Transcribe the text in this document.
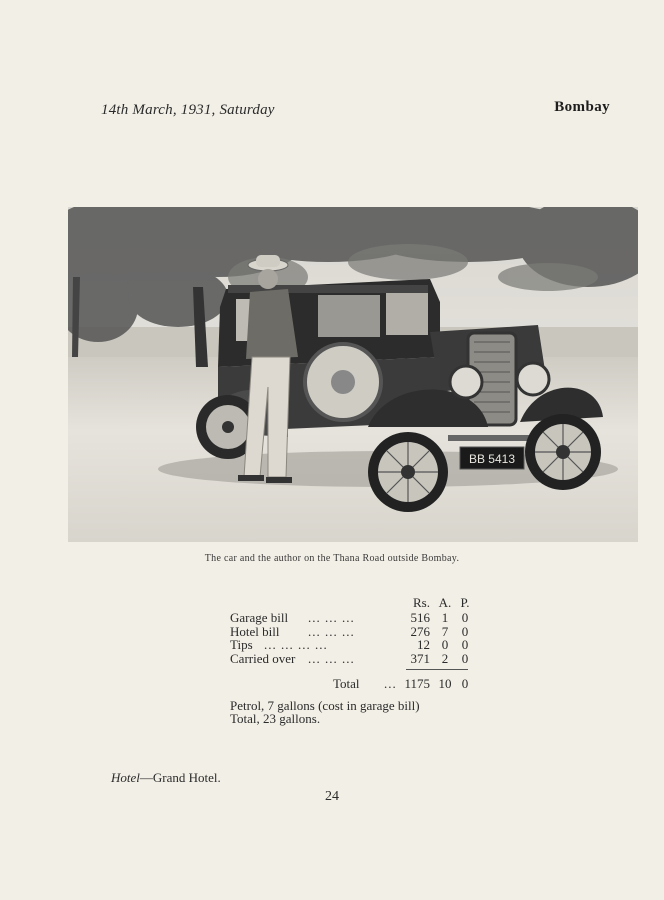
14th March, 1931, Saturday	Bombay
BB 5413
The car and the author on the Thana Road outside Bombay.
Rs. A. P.
Garage bill ... ... ...	516 1	0
Hotel bill ... ... ...	276 7	0
Tips ... ... ... ...	12 0	0
Carried over ... ... ...	371 2	0
Total ... 1175 10 0
Petrol, 7 gallons (cost in garage bill)
Total, 23 gallons.
Hotel—Grand Hotel.
24
